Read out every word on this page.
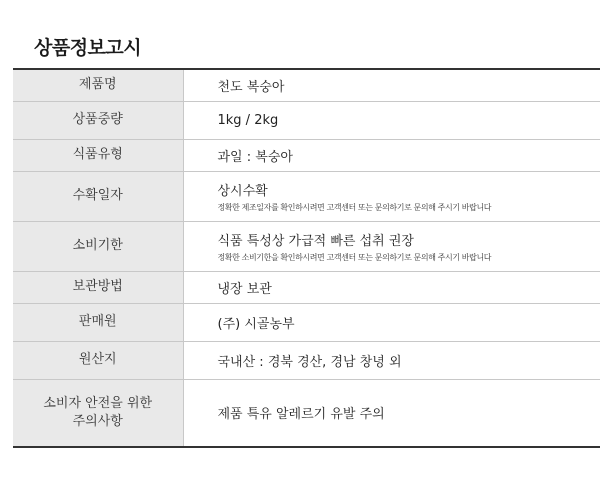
상품정보고시
제품명	천도 복숭아
상품중량	1kg / 2kg
식품유형	과일 : 복숭아
수확일자	상시수확
정확한 제조일자를 확인하시려면 고객센터 또는 문의하기로 문의해 주시기 바랍니다

소비기한	식품 특성상 가급적 빠른 섭취 권장
정확한 소비기한을 확인하시려면 고객센터 또는 문의하기로 문의해 주시기 바랍니다

보관방법	냉장 보관
판매원	(주) 시골농부
원산지	국내산 : 경북 경산, 경남 창녕 외

소비자 안전을 위한
주의사항	제품 특유 알레르기 유발 주의
